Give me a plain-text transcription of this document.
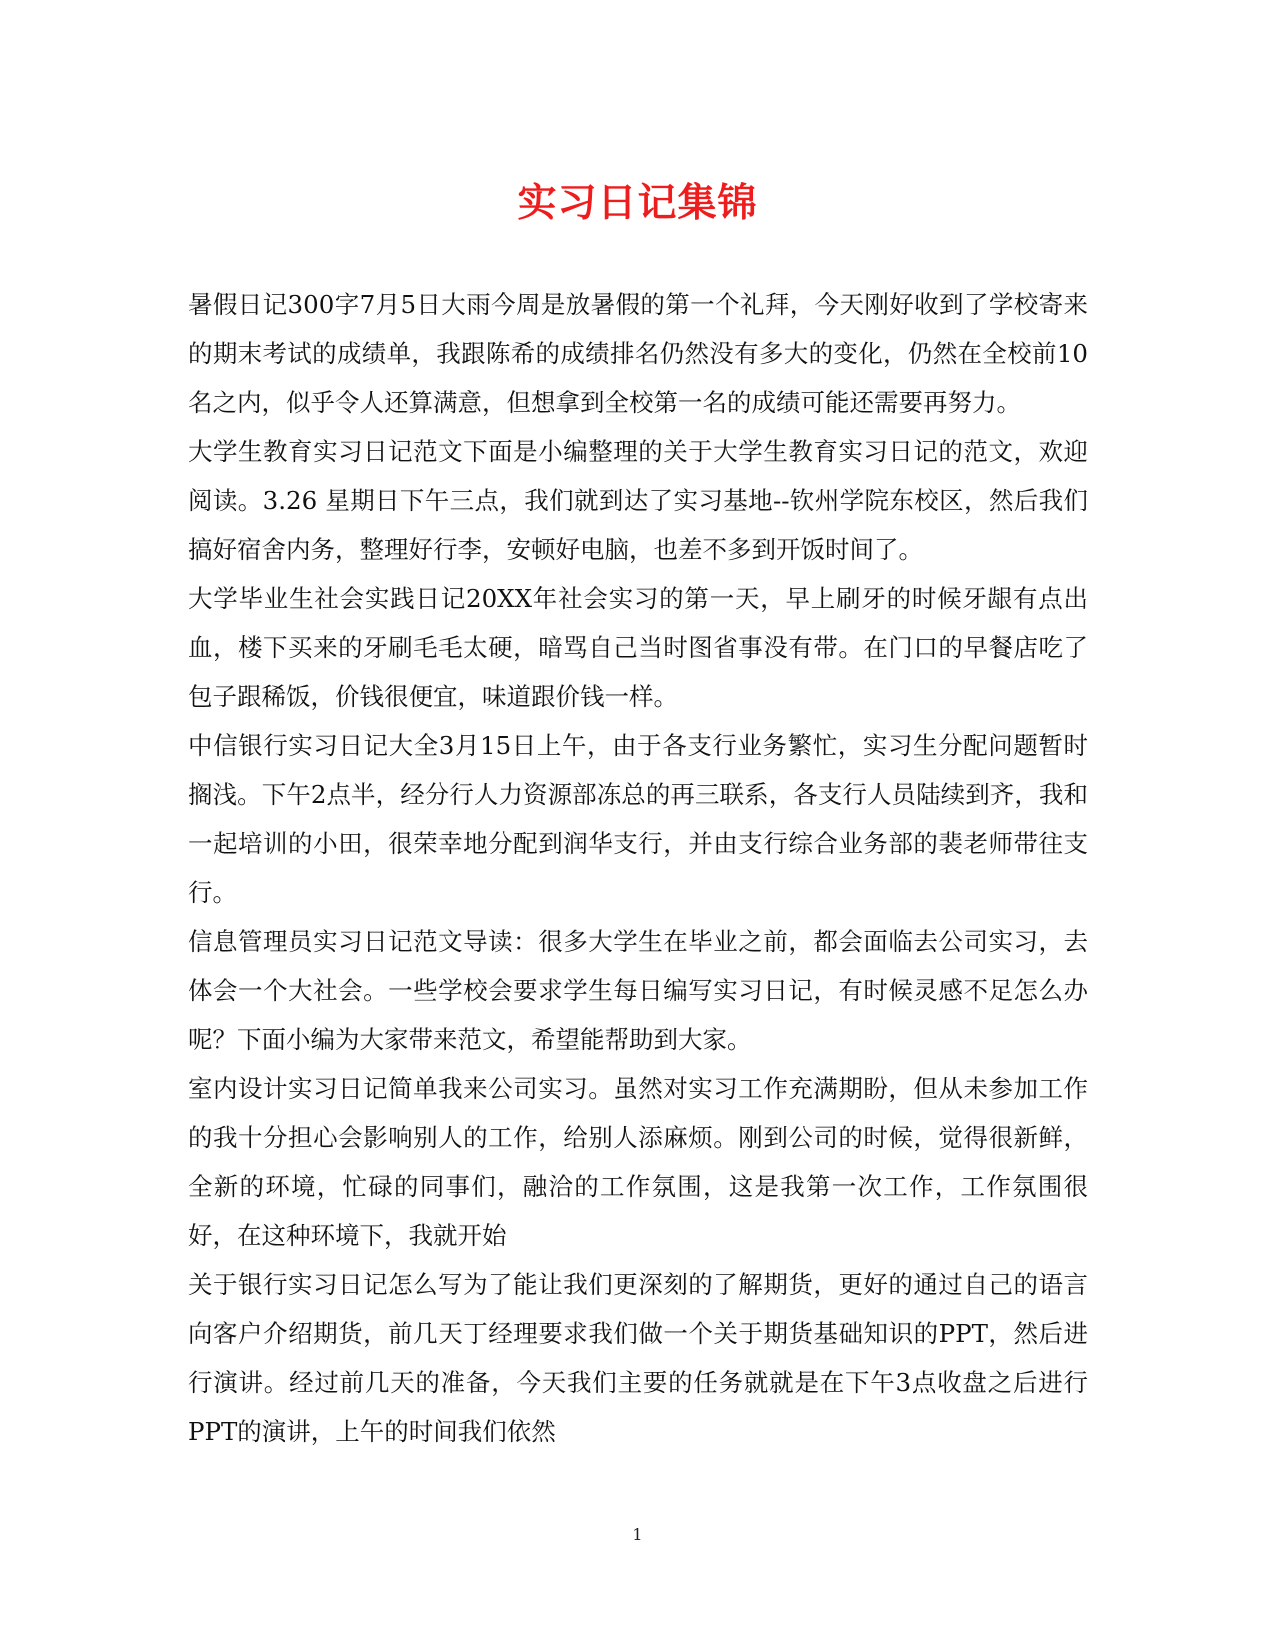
实习日记集锦

暑假日记300字7月5日大雨今周是放暑假的第一个礼拜，今天刚好收到了学校寄来的期末考试的成绩单，我跟陈希的成绩排名仍然没有多大的变化，仍然在全校前10名之内，似乎令人还算满意，但想拿到全校第一名的成绩可能还需要再努力。

大学生教育实习日记范文下面是小编整理的关于大学生教育实习日记的范文，欢迎阅读。3.26 星期日下午三点，我们就到达了实习基地--钦州学院东校区，然后我们搞好宿舍内务，整理好行李，安顿好电脑，也差不多到开饭时间了。

大学毕业生社会实践日记20XX年社会实习的第一天，早上刷牙的时候牙龈有点出血，楼下买来的牙刷毛毛太硬，暗骂自己当时图省事没有带。在门口的早餐店吃了包子跟稀饭，价钱很便宜，味道跟价钱一样。

中信银行实习日记大全3月15日上午，由于各支行业务繁忙，实习生分配问题暂时搁浅。下午2点半，经分行人力资源部冻总的再三联系，各支行人员陆续到齐，我和一起培训的小田，很荣幸地分配到润华支行，并由支行综合业务部的裴老师带往支行。

信息管理员实习日记范文导读：很多大学生在毕业之前，都会面临去公司实习，去体会一个大社会。一些学校会要求学生每日编写实习日记，有时候灵感不足怎么办呢？下面小编为大家带来范文，希望能帮助到大家。

室内设计实习日记简单我来公司实习。虽然对实习工作充满期盼，但从未参加工作的我十分担心会影响别人的工作，给别人添麻烦。刚到公司的时候，觉得很新鲜，全新的环境，忙碌的同事们，融洽的工作氛围，这是我第一次工作，工作氛围很好，在这种环境下，我就开始

关于银行实习日记怎么写为了能让我们更深刻的了解期货，更好的通过自己的语言向客户介绍期货，前几天丁经理要求我们做一个关于期货基础知识的PPT，然后进行演讲。经过前几天的准备，今天我们主要的任务就就是在下午3点收盘之后进行PPT的演讲，上午的时间我们依然

1
